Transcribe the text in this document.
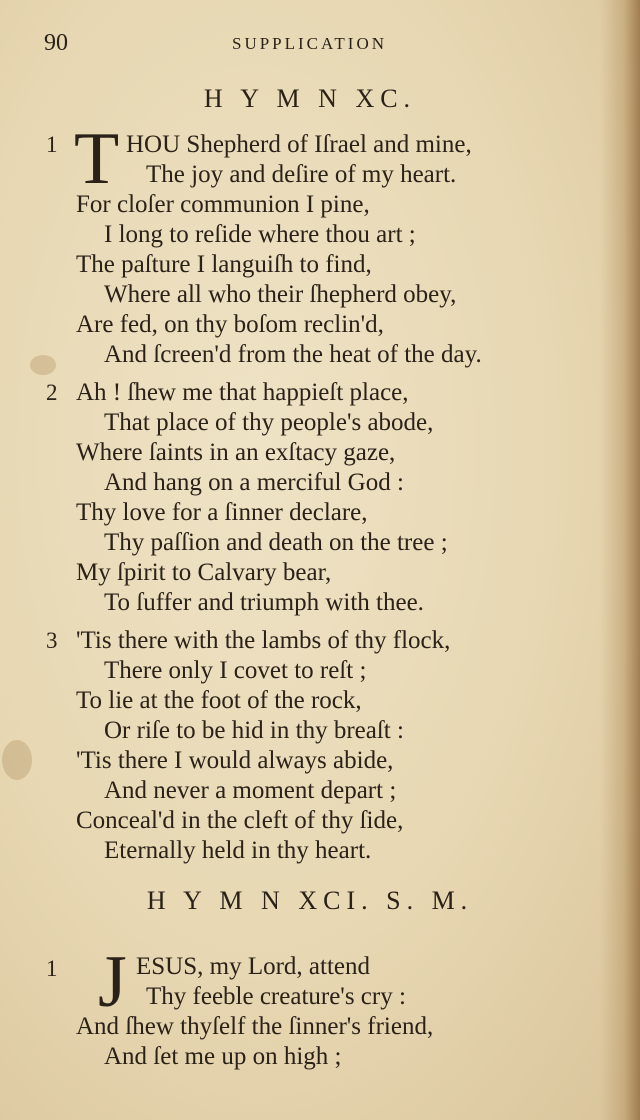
90	SUPPLICATION
H Y M N XC.
1 T HOU Shepherd of Iſrael and mine,
The joy and deſire of my heart.
For cloſer communion I pine,
I long to reſide where thou art ;
The paſture I languiſh to find,
Where all who their ſhepherd obey,
Are fed, on thy boſom reclin'd,
And ſcreen'd from the heat of the day.
2 Ah ! ſhew me that happieſt place,
That place of thy people's abode,
Where ſaints in an exſtacy gaze,
And hang on a merciful God :
Thy love for a ſinner declare,
Thy paſſion and death on the tree ;
My ſpirit to Calvary bear,
To ſuffer and triumph with thee.
3 'Tis there with the lambs of thy flock,
There only I covet to reſt ;
To lie at the foot of the rock,
Or riſe to be hid in thy breaſt :
'Tis there I would always abide,
And never a moment depart ;
Conceal'd in the cleft of thy ſide,
Eternally held in thy heart.
H Y M N XCI. S. M.
1 J ESUS, my Lord, attend
Thy feeble creature's cry :
And ſhew thyſelf the ſinner's friend,
And ſet me up on high ;
